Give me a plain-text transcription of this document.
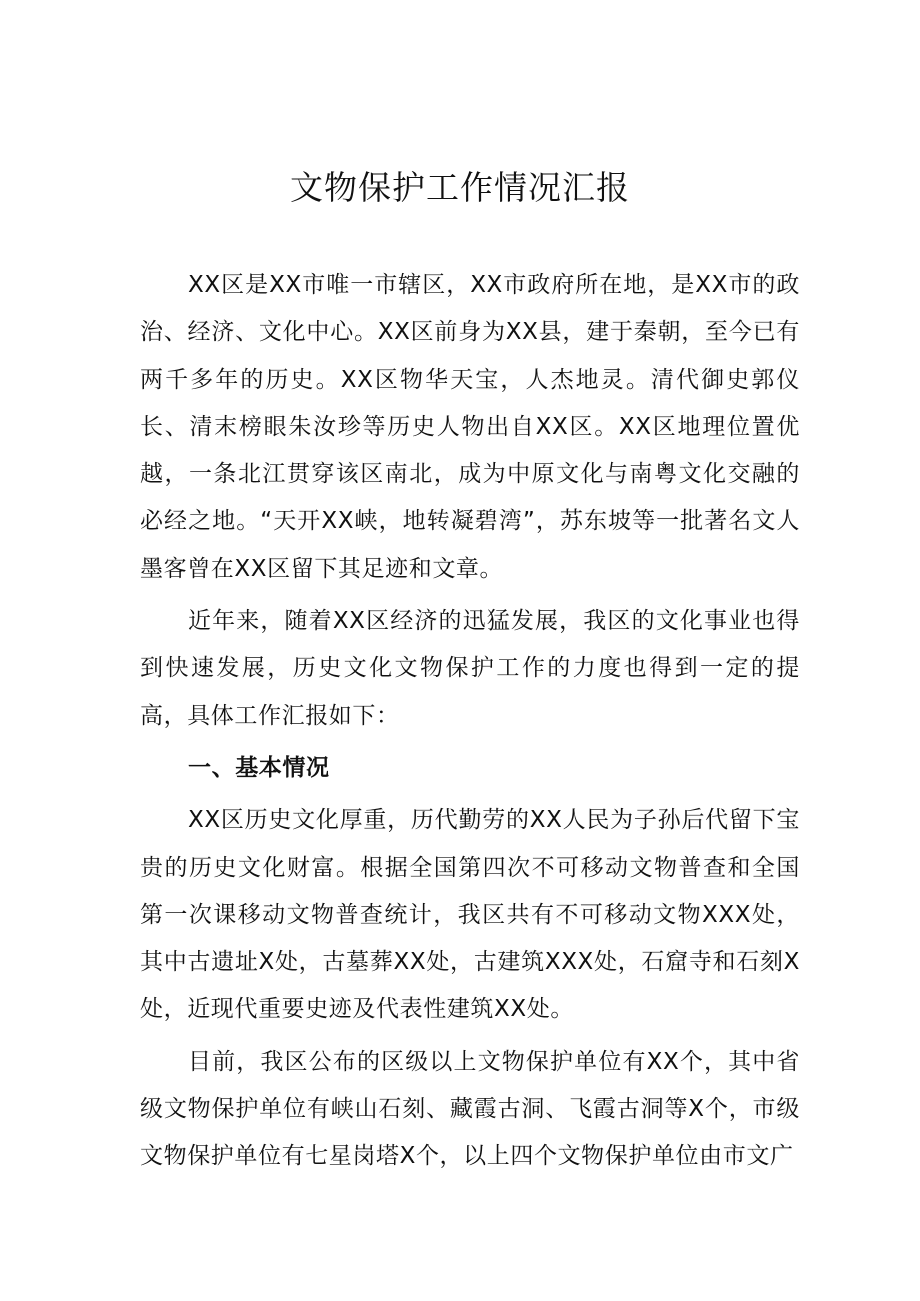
文物保护工作情况汇报

XX区是XX市唯一市辖区，XX市政府所在地，是XX市的政治、经济、文化中心。XX区前身为XX县，建于秦朝，至今已有两千多年的历史。XX区物华天宝，人杰地灵。清代御史郭仪长、清末榜眼朱汝珍等历史人物出自XX区。XX区地理位置优越，一条北江贯穿该区南北，成为中原文化与南粤文化交融的必经之地。“天开XX峡，地转凝碧湾”，苏东坡等一批著名文人墨客曾在XX区留下其足迹和文章。

近年来，随着XX区经济的迅猛发展，我区的文化事业也得到快速发展，历史文化文物保护工作的力度也得到一定的提高，具体工作汇报如下：

一、基本情况

XX区历史文化厚重，历代勤劳的XX人民为子孙后代留下宝贵的历史文化财富。根据全国第四次不可移动文物普查和全国第一次课移动文物普查统计，我区共有不可移动文物XXX处，其中古遗址X处，古墓葬XX处，古建筑XXX处，石窟寺和石刻X处，近现代重要史迹及代表性建筑XX处。

目前，我区公布的区级以上文物保护单位有XX个，其中省级文物保护单位有峡山石刻、藏霞古洞、飞霞古洞等X个，市级文物保护单位有七星岗塔X个，以上四个文物保护单位由市文广
